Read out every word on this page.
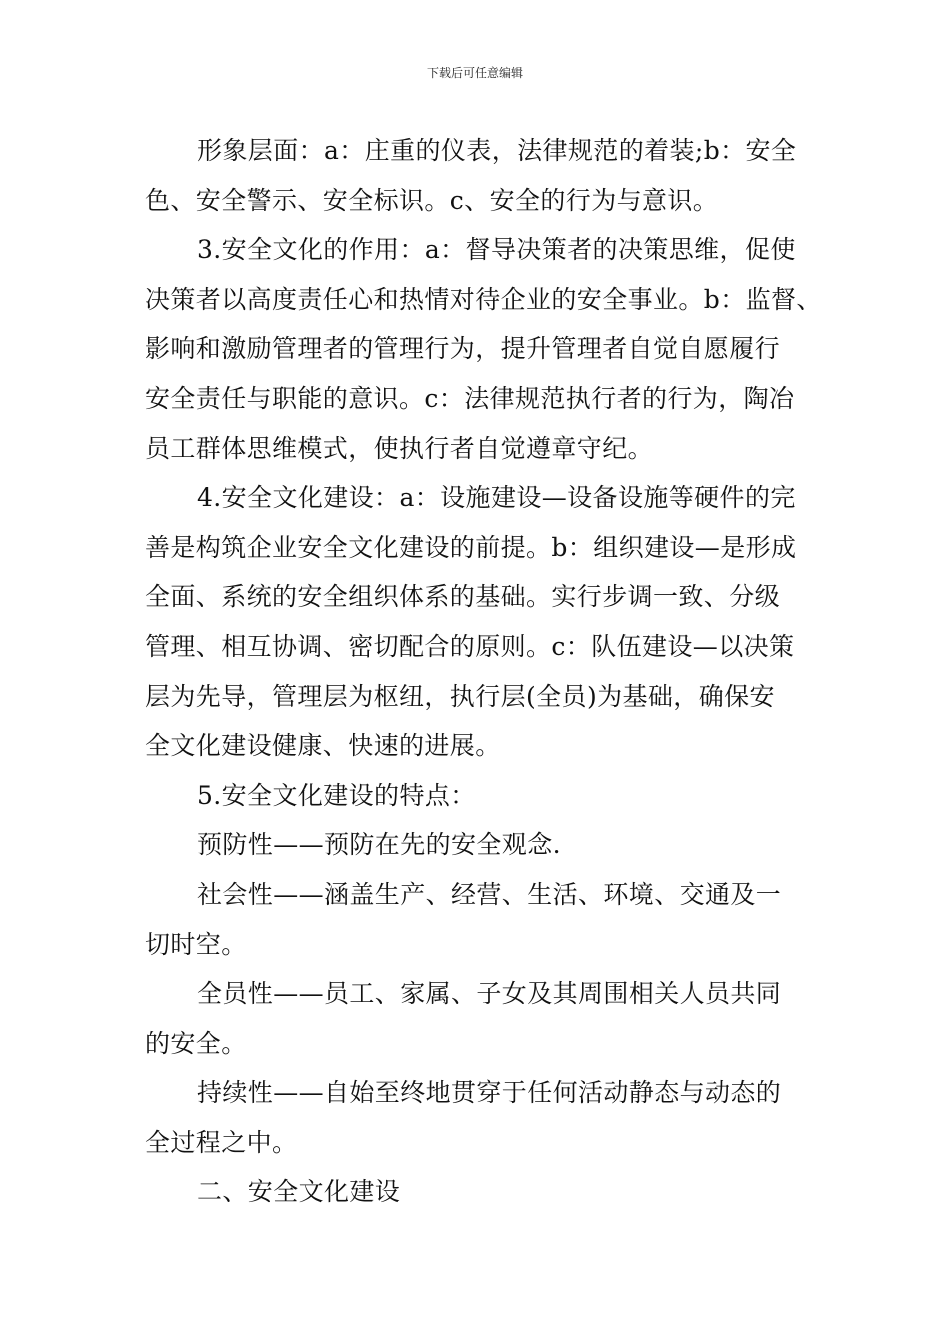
下载后可任意编辑
形象层面：a：庄重的仪表，法律规范的着装;b：安全
色、安全警示、安全标识。c、安全的行为与意识。
3.安全文化的作用：a：督导决策者的决策思维，促使
决策者以高度责任心和热情对待企业的安全事业。b：监督、
影响和激励管理者的管理行为，提升管理者自觉自愿履行
安全责任与职能的意识。c：法律规范执行者的行为，陶冶
员工群体思维模式，使执行者自觉遵章守纪。
4.安全文化建设：a：设施建设—设备设施等硬件的完
善是构筑企业安全文化建设的前提。b：组织建设—是形成
全面、系统的安全组织体系的基础。实行步调一致、分级
管理、相互协调、密切配合的原则。c：队伍建设—以决策
层为先导，管理层为枢纽，执行层(全员)为基础，确保安
全文化建设健康、快速的进展。
5.安全文化建设的特点：
预防性——预防在先的安全观念.
社会性——涵盖生产、经营、生活、环境、交通及一
切时空。
全员性——员工、家属、子女及其周围相关人员共同
的安全。
持续性——自始至终地贯穿于任何活动静态与动态的
全过程之中。
二、安全文化建设
